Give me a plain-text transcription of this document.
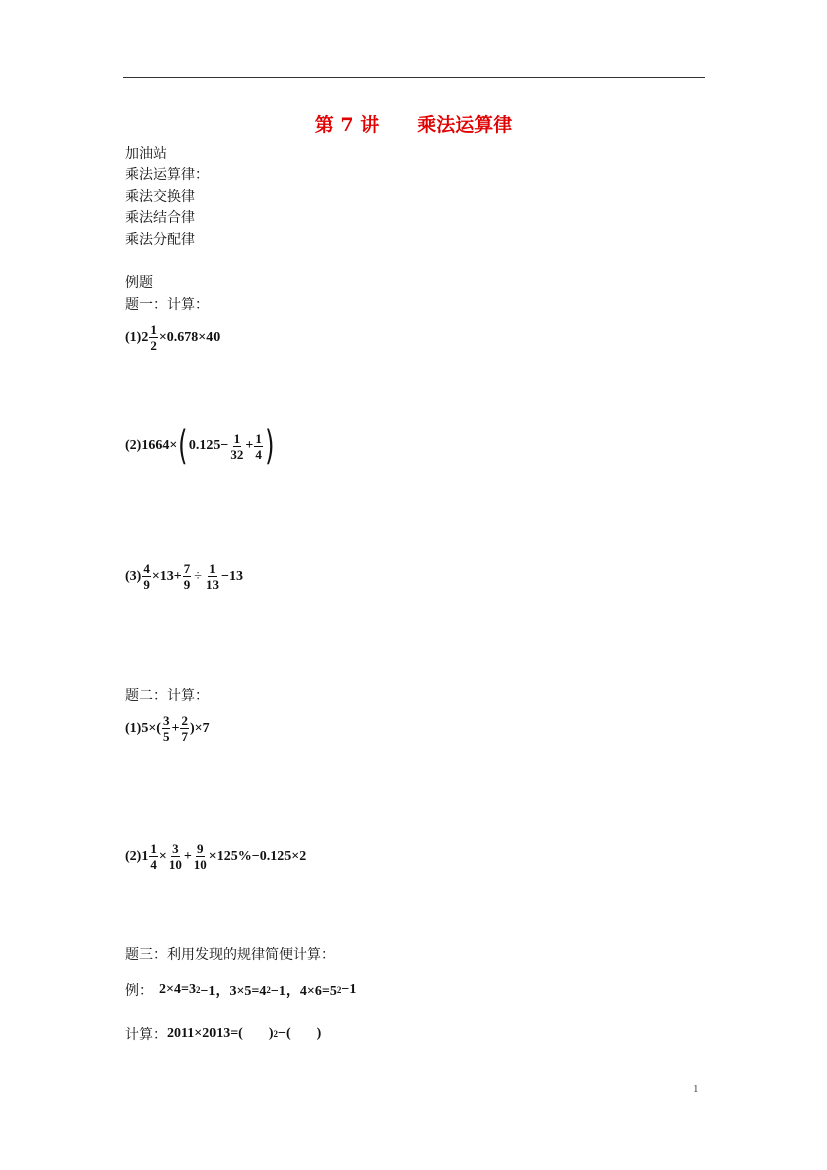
第 7 讲 乘法运算律
加油站
乘法运算律：
乘法交换律
乘法结合律
乘法分配律
例题
题一：计算：
$(1)2 \frac{1}{2} \times 0.678\times 40$
(2)1664× ( $0.125- \frac{1}{32} + \frac{1}{4}$ )
$(3) \frac{4}{9} \times 13+ \frac{7}{9} \div \frac{1}{13} -13$
题二：计算：
$(1)5\times( \frac{3}{5} + \frac{2}{7} )\times 7$
$(2)1 \frac{1}{4} \times \frac{3}{10} + \frac{9}{10} \times 125\%-0.125\times 2$
题三：利用发现的规律简便计算：
例： 2×4=3 2 −1，3×5=4 2 −1，4×6=5 2 −1
计算： 2011×2013=( ) 2 −( )
1
